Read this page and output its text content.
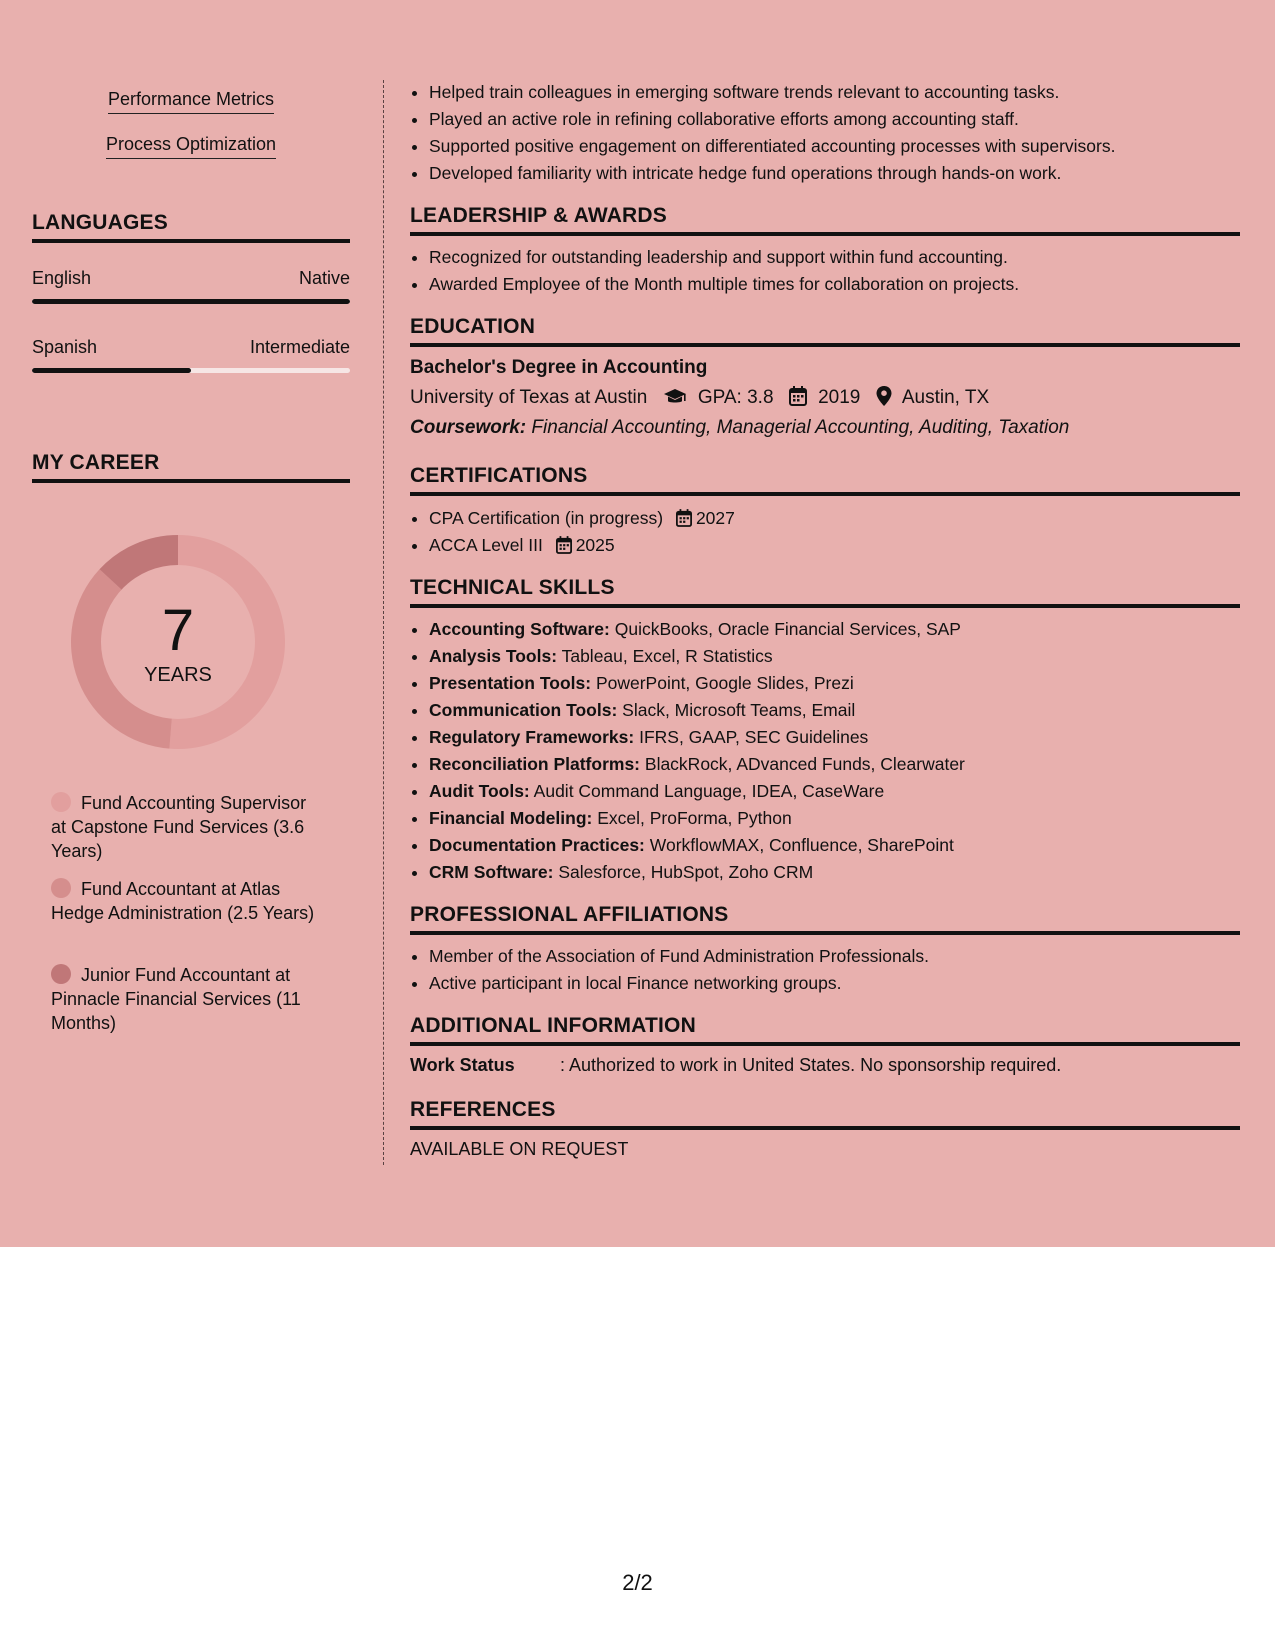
Performance Metrics
Process Optimization
LANGUAGES
English	Native
Spanish	Intermediate
MY CAREER
7
YEARS
Fund Accounting Supervisor at Capstone Fund Services (3.6 Years)
Fund Accountant at Atlas Hedge Administration (2.5 Years)
Junior Fund Accountant at Pinnacle Financial Services (11 Months)
• Helped train colleagues in emerging software trends relevant to accounting tasks.
• Played an active role in refining collaborative efforts among accounting staff.
• Supported positive engagement on differentiated accounting processes with supervisors.
• Developed familiarity with intricate hedge fund operations through hands-on work.
LEADERSHIP & AWARDS
• Recognized for outstanding leadership and support within fund accounting.
• Awarded Employee of the Month multiple times for collaboration on projects.
EDUCATION
Bachelor's Degree in Accounting
University of Texas at Austin	GPA: 3.8 2019 Austin, TX
Coursework: Financial Accounting, Managerial Accounting, Auditing, Taxation
CERTIFICATIONS
• CPA Certification (in progress) 2027
• ACCA Level III 2025
TECHNICAL SKILLS
• Accounting Software: QuickBooks, Oracle Financial Services, SAP
• Analysis Tools: Tableau, Excel, R Statistics
• Presentation Tools: PowerPoint, Google Slides, Prezi
• Communication Tools: Slack, Microsoft Teams, Email
• Regulatory Frameworks: IFRS, GAAP, SEC Guidelines
• Reconciliation Platforms: BlackRock, ADvanced Funds, Clearwater
• Audit Tools: Audit Command Language, IDEA, CaseWare
• Financial Modeling: Excel, ProForma, Python
• Documentation Practices: WorkflowMAX, Confluence, SharePoint
• CRM Software: Salesforce, HubSpot, Zoho CRM
PROFESSIONAL AFFILIATIONS
• Member of the Association of Fund Administration Professionals.
• Active participant in local Finance networking groups.
ADDITIONAL INFORMATION
Work Status	: Authorized to work in United States. No sponsorship required.
REFERENCES
AVAILABLE ON REQUEST
2/2
